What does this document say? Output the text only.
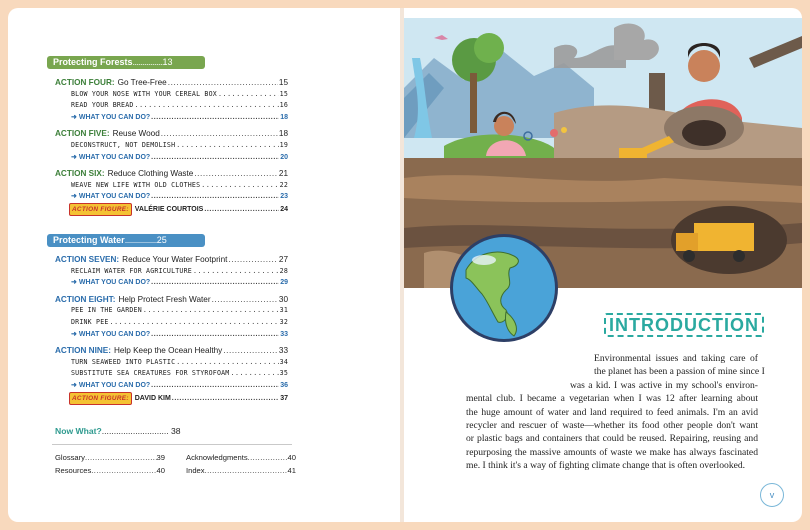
Protecting Forests...............13
ACTION FOUR: Go Tree-Free .....	15
BLOW YOUR NOSE WITH YOUR CEREAL BOX .....	15
READ YOUR BREAD .....	16
➜ WHAT YOU CAN DO? .....	18
ACTION FIVE: Reuse Wood .....	18
DECONSTRUCT, NOT DEMOLISH .....	19
➜ WHAT YOU CAN DO? .....	20
ACTION SIX: Reduce Clothing Waste .....	21
WEAVE NEW LIFE WITH OLD CLOTHES .....	22
➜ WHAT YOU CAN DO? .....	23
ACTION FIGURE: VALÉRIE COURTOIS .....	24
Protecting Water................25
ACTION SEVEN: Reduce Your Water Footprint .....	27
RECLAIM WATER FOR AGRICULTURE .....	28
➜ WHAT YOU CAN DO? .....	29
ACTION EIGHT: Help Protect Fresh Water .....	30
PEE IN THE GARDEN .....	31
DRINK PEE .....	32
➜ WHAT YOU CAN DO? .....	33
ACTION NINE: Help Keep the Ocean Healthy .....	33
TURN SEAWEED INTO PLASTIC .....	34
SUBSTITUTE SEA CREATURES FOR STYROFOAM .....	35
➜ WHAT YOU CAN DO? .....	36
ACTION FIGURE: DAVID KIM .....	37
Now What?............................ 38
Glossary .....	39
Resources .....	40
Acknowledgments .....	40
Index .....	41
INTRODUCTION
Environmental issues and taking care of
the planet has been a passion of mine since I
was a kid. I was active in my school's environ-
mental club. I became a vegetarian when I was 12 after learning about
the huge amount of water and land required to feed animals. I'm an avid
recycler and rescuer of waste—whether its food other people don't want
or plastic bags and containers that could be reused. Repairing, reusing and
repurposing the massive amounts of waste we make has always fascinated
me. I think it's a way of fighting climate change that is often overlooked.
v
